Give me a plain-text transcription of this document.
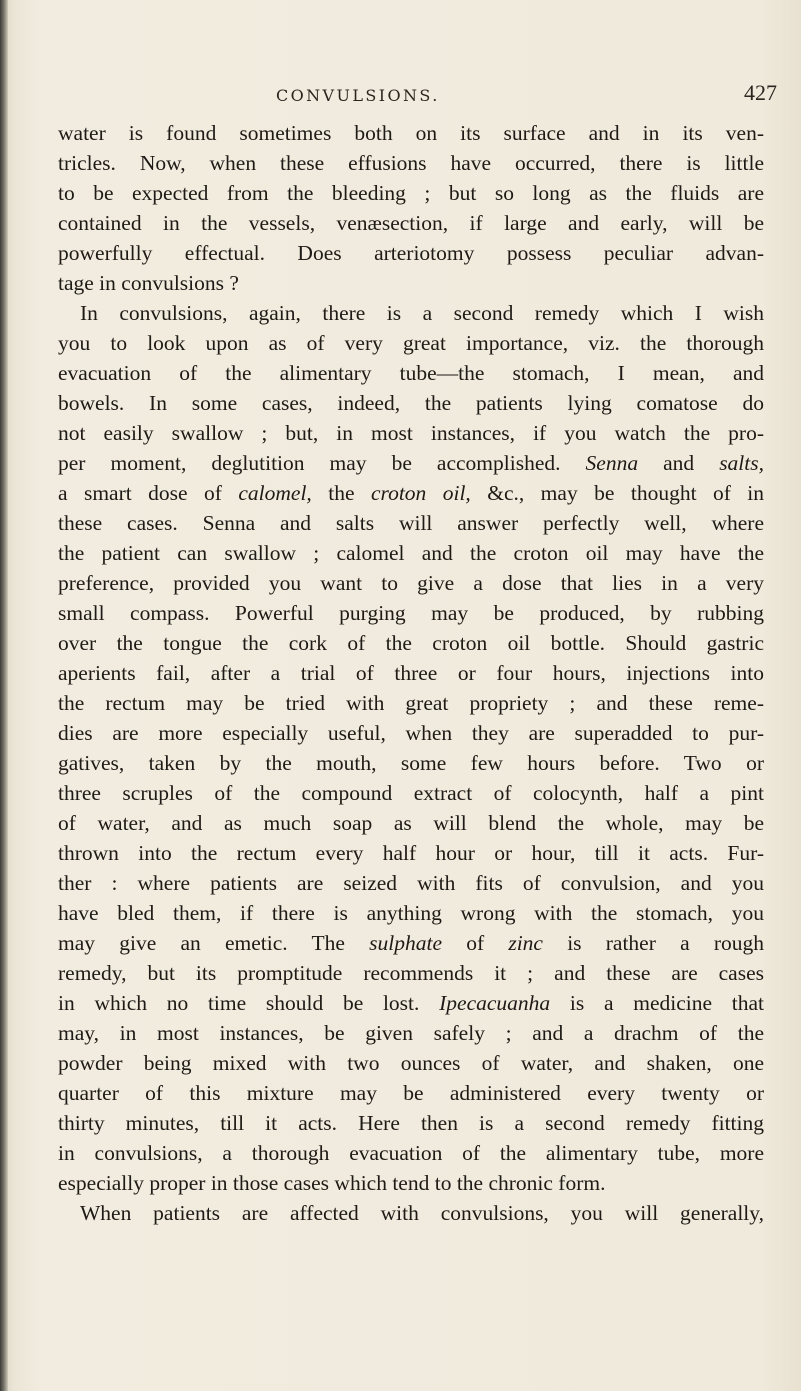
CONVULSIONS.	427
water is found sometimes both on its surface and in its ven-
tricles. Now, when these effusions have occurred, there is little
to be expected from the bleeding ; but so long as the fluids are
contained in the vessels, venæsection, if large and early, will be
powerfully effectual. Does arteriotomy possess peculiar advan-
tage in convulsions ?
In convulsions, again, there is a second remedy which I wish
you to look upon as of very great importance, viz. the thorough
evacuation of the alimentary tube—the stomach, I mean, and
bowels. In some cases, indeed, the patients lying comatose do
not easily swallow ; but, in most instances, if you watch the pro-
per moment, deglutition may be accomplished. Senna and salts,
a smart dose of calomel, the croton oil, &c., may be thought of in
these cases. Senna and salts will answer perfectly well, where
the patient can swallow ; calomel and the croton oil may have the
preference, provided you want to give a dose that lies in a very
small compass. Powerful purging may be produced, by rubbing
over the tongue the cork of the croton oil bottle. Should gastric
aperients fail, after a trial of three or four hours, injections into
the rectum may be tried with great propriety ; and these reme-
dies are more especially useful, when they are superadded to pur-
gatives, taken by the mouth, some few hours before. Two or
three scruples of the compound extract of colocynth, half a pint
of water, and as much soap as will blend the whole, may be
thrown into the rectum every half hour or hour, till it acts. Fur-
ther : where patients are seized with fits of convulsion, and you
have bled them, if there is anything wrong with the stomach, you
may give an emetic. The sulphate of zinc is rather a rough
remedy, but its promptitude recommends it ; and these are cases
in which no time should be lost. Ipecacuanha is a medicine that
may, in most instances, be given safely ; and a drachm of the
powder being mixed with two ounces of water, and shaken, one
quarter of this mixture may be administered every twenty or
thirty minutes, till it acts. Here then is a second remedy fitting
in convulsions, a thorough evacuation of the alimentary tube, more
especially proper in those cases which tend to the chronic form.
When patients are affected with convulsions, you will generally,
